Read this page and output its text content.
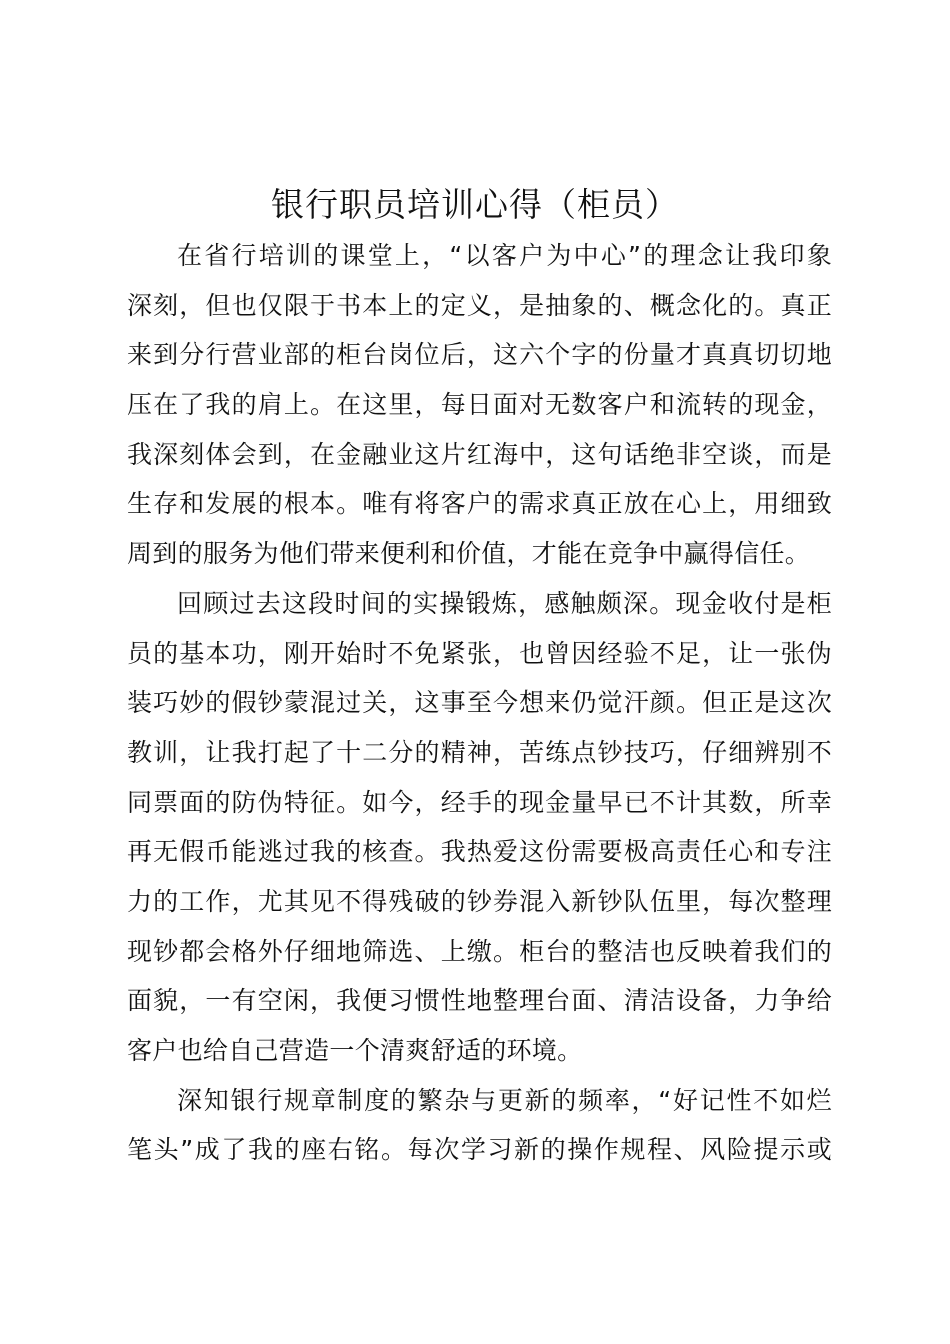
银行职员培训心得（柜员）
在省行培训的课堂上，“以客户为中心”的理念让我印象
深刻，但也仅限于书本上的定义，是抽象的、概念化的。真正
来到分行营业部的柜台岗位后，这六个字的份量才真真切切地
压在了我的肩上。在这里，每日面对无数客户和流转的现金，
我深刻体会到，在金融业这片红海中，这句话绝非空谈，而是
生存和发展的根本。唯有将客户的需求真正放在心上，用细致
周到的服务为他们带来便利和价值，才能在竞争中赢得信任。
回顾过去这段时间的实操锻炼，感触颇深。现金收付是柜
员的基本功，刚开始时不免紧张，也曾因经验不足，让一张伪
装巧妙的假钞蒙混过关，这事至今想来仍觉汗颜。但正是这次
教训，让我打起了十二分的精神，苦练点钞技巧，仔细辨别不
同票面的防伪特征。如今，经手的现金量早已不计其数，所幸
再无假币能逃过我的核查。我热爱这份需要极高责任心和专注
力的工作，尤其见不得残破的钞券混入新钞队伍里，每次整理
现钞都会格外仔细地筛选、上缴。柜台的整洁也反映着我们的
面貌，一有空闲，我便习惯性地整理台面、清洁设备，力争给
客户也给自己营造一个清爽舒适的环境。
深知银行规章制度的繁杂与更新的频率，“好记性不如烂
笔头”成了我的座右铭。每次学习新的操作规程、风险提示或
